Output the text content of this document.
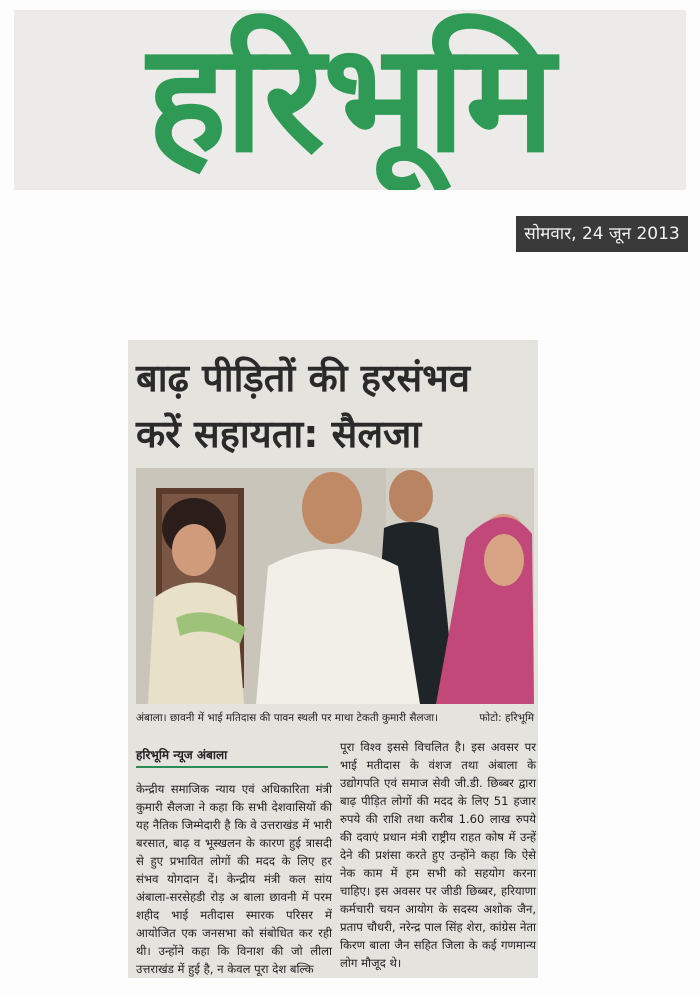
हरिभूमि
सोमवार, 24 जून 2013
बाढ़ पीड़ितों की हरसंभव
करें सहायता: सैलजा
अंबाला। छावनी में भाई मतिदास की पावन स्थली पर माथा टेकती कुमारी सैलजा।	फोटो: हरिभूमि
हरिभूमि न्यूज अंबाला

केन्द्रीय समाजिक न्याय एवं अधिकारिता मंत्री कुमारी सैलजा ने कहा कि सभी देशवासियों की यह नैतिक जिम्मेदारी है कि वे उत्तराखंड में भारी बरसात, बाढ़ व भूस्खलन के कारण हुई त्रासदी से हुए प्रभावित लोगों की मदद के लिए हर संभव योगदान दें। केन्द्रीय मंत्री कल सांय अंबाला-सरसेहडी रोड़ अ बाला छावनी में परम शहीद भाई मतीदास स्मारक परिसर में आयोजित एक जनसभा को संबोधित कर रही थी। उन्होंने कहा कि विनाश की जो लीला उत्तराखंड में हुई है, न केवल पूरा देश बल्कि

पूरा विश्व इससे विचलित है। इस अवसर पर भाई मतीदास के वंशज तथा अंबाला के उद्योगपति एवं समाज सेवी जी.डी. छिब्बर द्वारा बाढ़ पीड़ित लोगों की मदद के लिए 51 हजार रुपये की राशि तथा करीब 1.60 लाख रुपये की दवाएं प्रधान मंत्री राष्ट्रीय राहत कोष में उन्हें देने की प्रशंसा करते हुए उन्होंने कहा कि ऐसे नेक काम में हम सभी को सहयोग करना चाहिए। इस अवसर पर जीडी छिब्बर, हरियाणा कर्मचारी चयन आयोग के सदस्य अशोक जैन, प्रताप चौधरी, नरेन्द्र पाल सिंह शेरा, कांग्रेस नेता किरण बाला जैन सहित जिला के कई गणमान्य लोग मौजूद थे।
